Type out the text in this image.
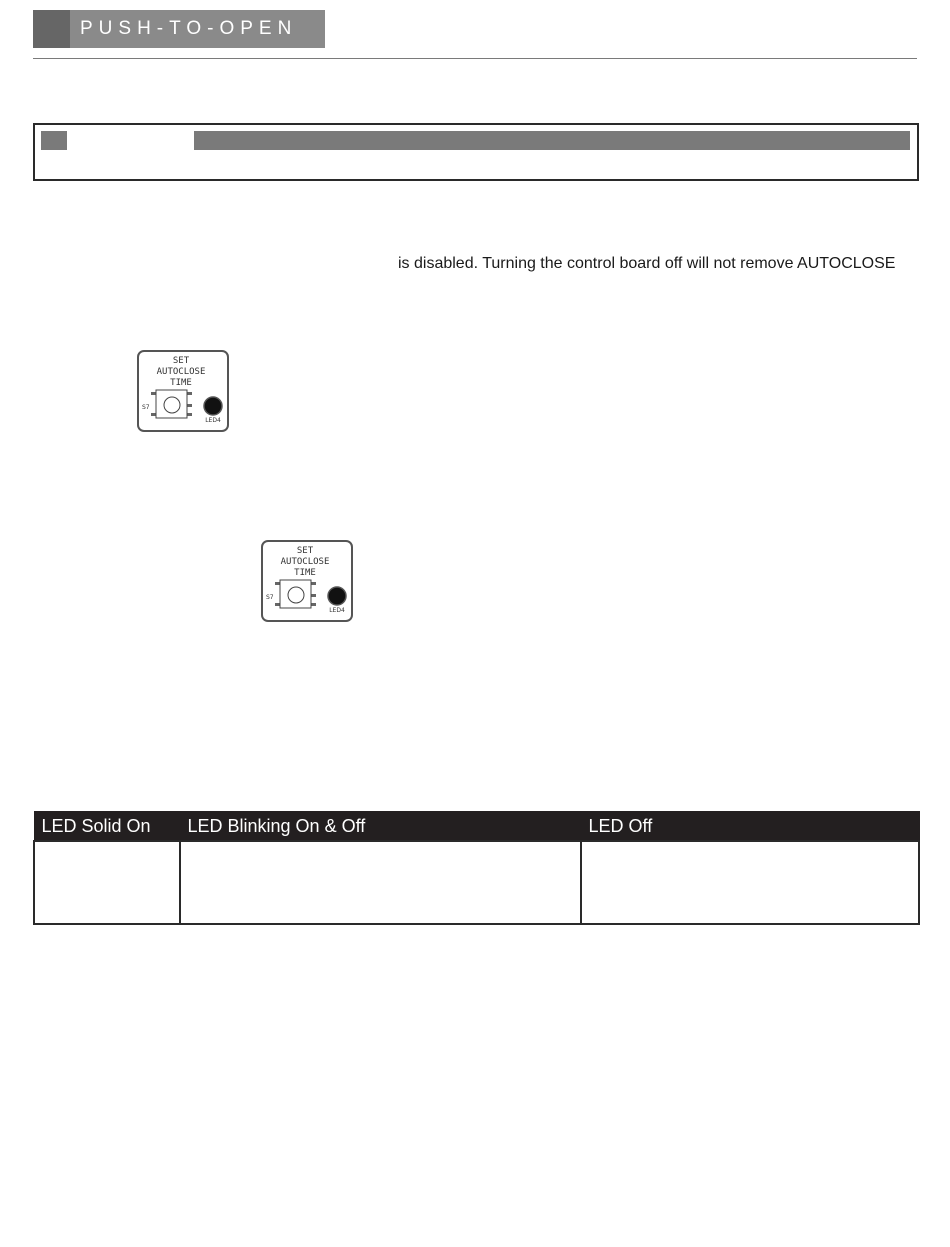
PUSH-TO-OPEN
is disabled. Turning the control board off will not remove AUTOCLOSE
SET
AUTOCLOSE
TIME
S7
LED4
SET
AUTOCLOSE
TIME
S7
LED4
LED Solid On	LED Blinking On & Off	LED Off
